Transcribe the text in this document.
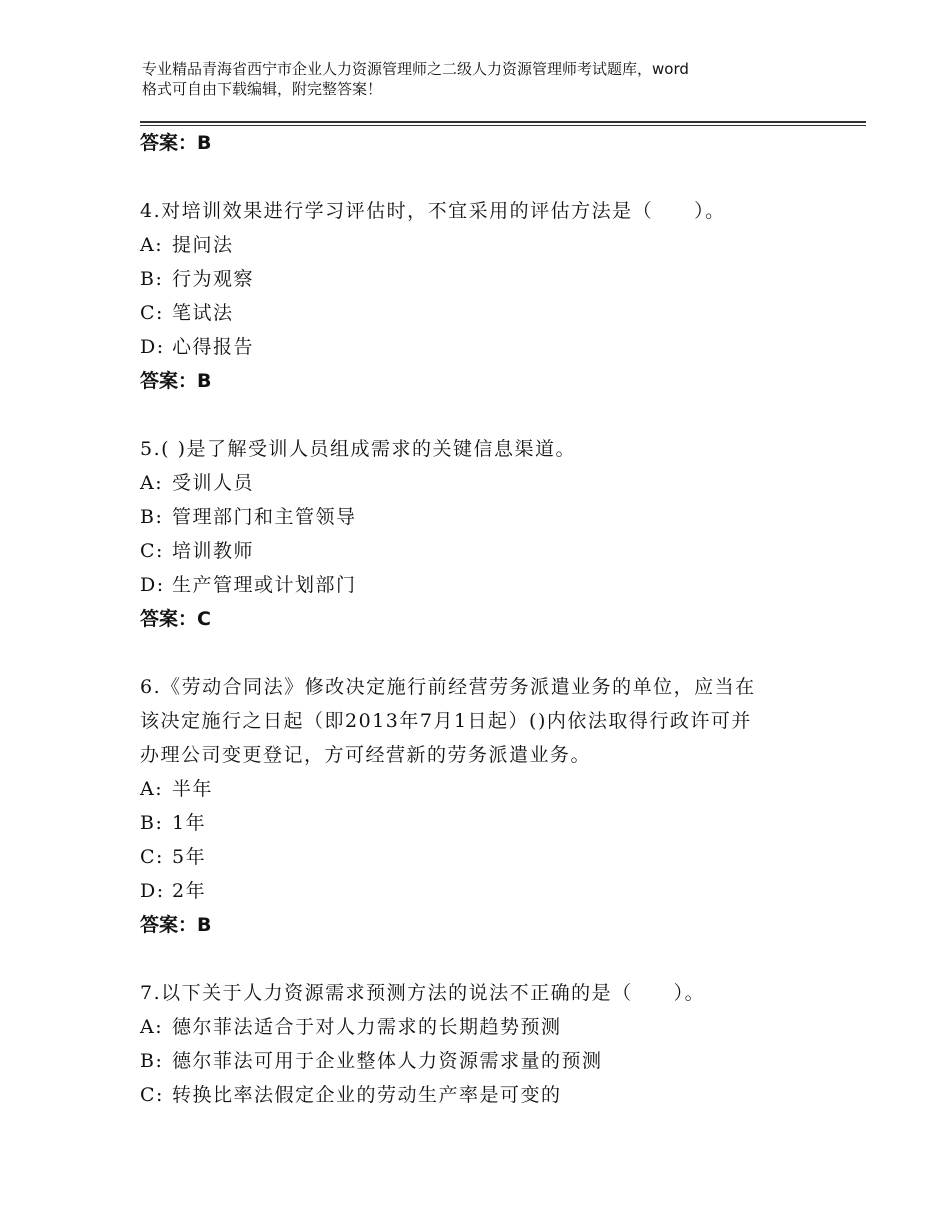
专业精品青海省西宁市企业人力资源管理师之二级人力资源管理师考试题库，word
格式可自由下载编辑，附完整答案！
答案：B
4.对培训效果进行学习评估时，不宜采用的评估方法是（　　）。
A: 提问法
B: 行为观察
C: 笔试法
D: 心得报告
答案：B
5.( )是了解受训人员组成需求的关键信息渠道。
A: 受训人员
B: 管理部门和主管领导
C: 培训教师
D: 生产管理或计划部门
答案：C
6.《劳动合同法》修改决定施行前经营劳务派遣业务的单位，应当在
该决定施行之日起（即2013年7月1日起）()内依法取得行政许可并
办理公司变更登记，方可经营新的劳务派遣业务。
A: 半年
B: 1年
C: 5年
D: 2年
答案：B
7.以下关于人力资源需求预测方法的说法不正确的是（　　）。
A: 德尔菲法适合于对人力需求的长期趋势预测
B: 德尔菲法可用于企业整体人力资源需求量的预测
C: 转换比率法假定企业的劳动生产率是可变的
